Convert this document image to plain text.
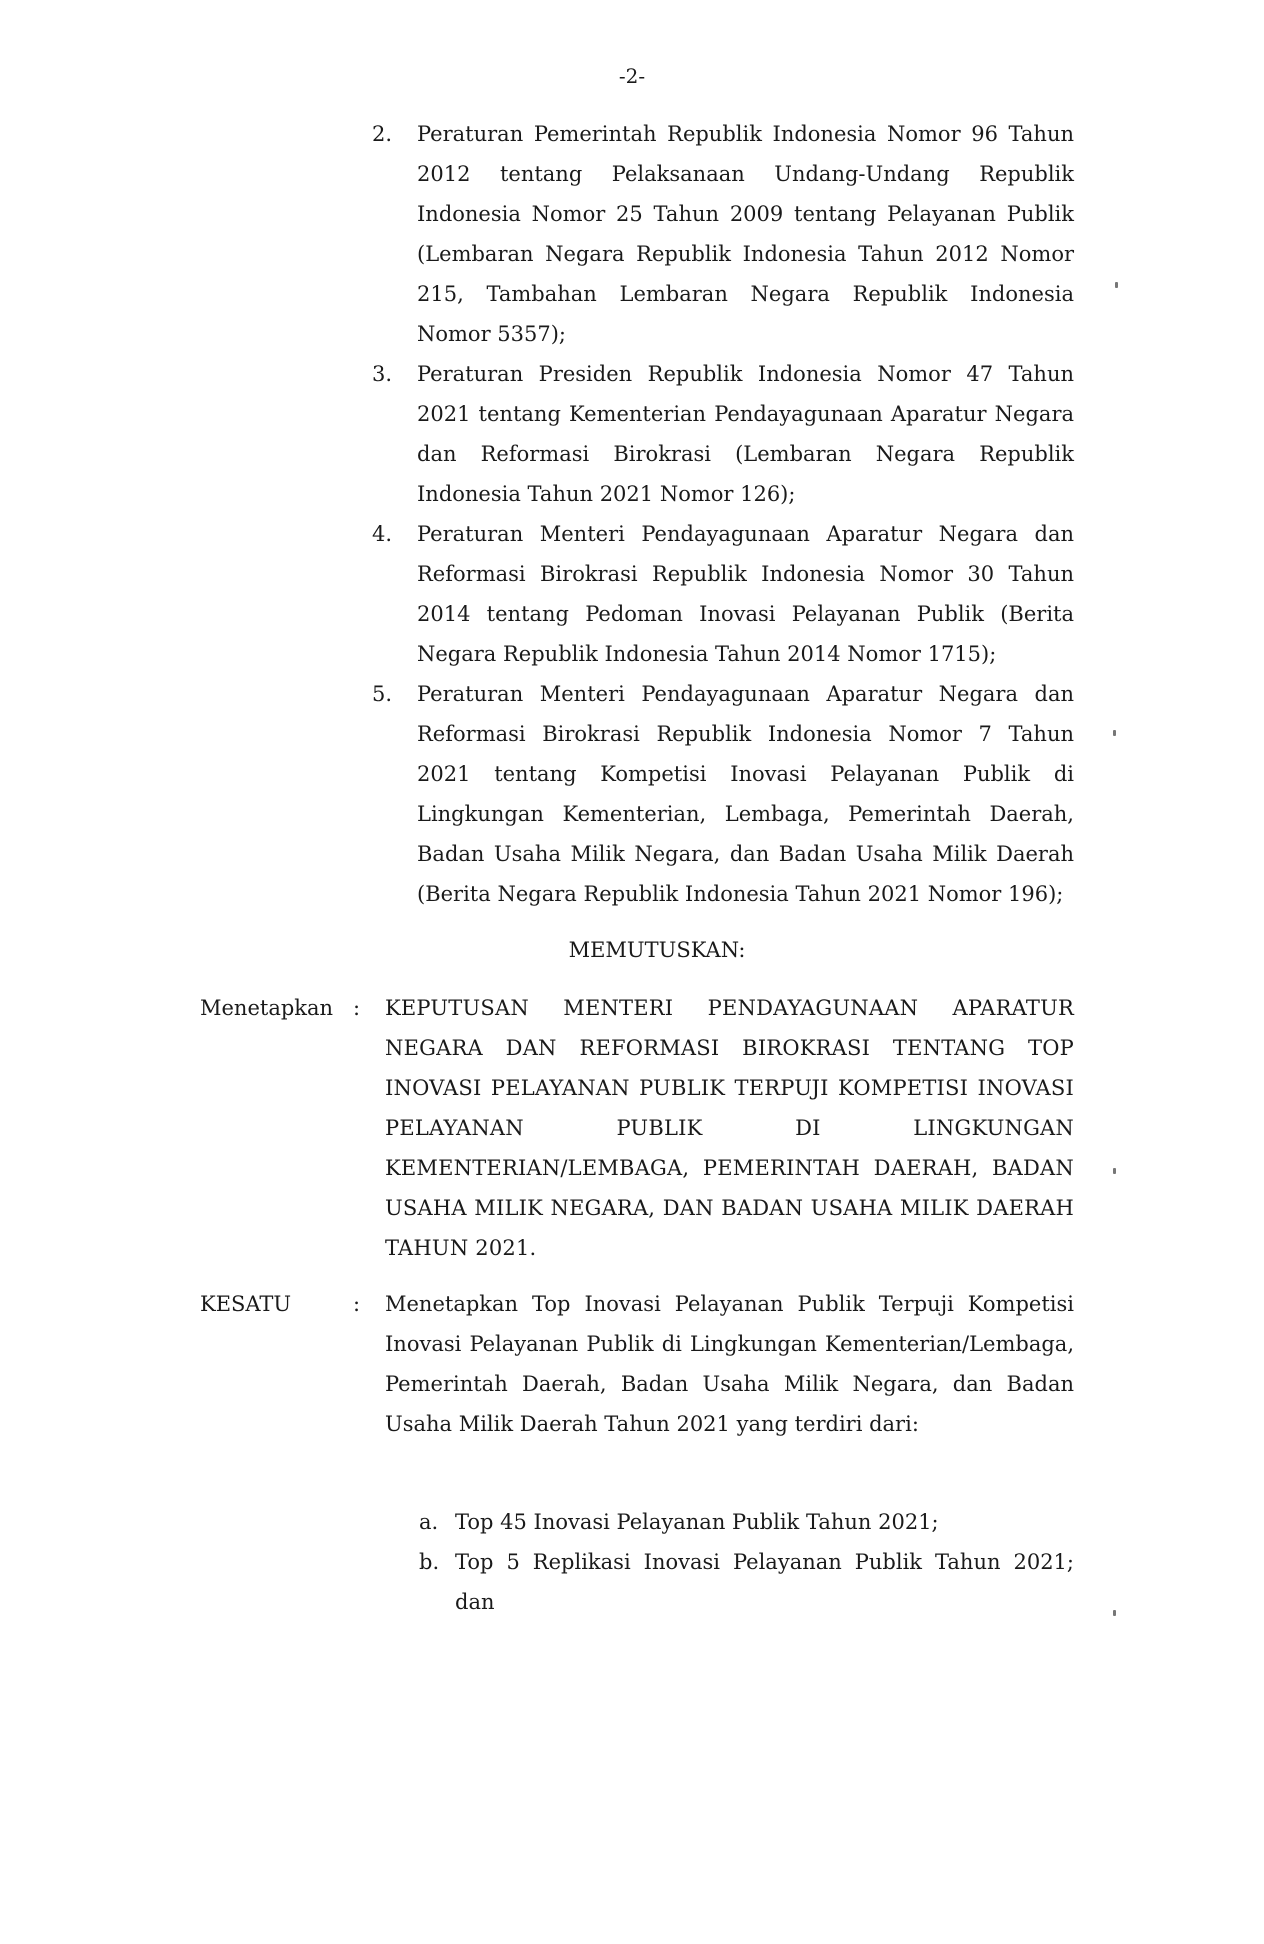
-2-
2. Peraturan Pemerintah Republik Indonesia Nomor 96 Tahun 2012 tentang Pelaksanaan Undang-Undang Republik Indonesia Nomor 25 Tahun 2009 tentang Pelayanan Publik (Lembaran Negara Republik Indonesia Tahun 2012 Nomor 215, Tambahan Lembaran Negara Republik Indonesia Nomor 5357);
3. Peraturan Presiden Republik Indonesia Nomor 47 Tahun 2021 tentang Kementerian Pendayagunaan Aparatur Negara dan Reformasi Birokrasi (Lembaran Negara Republik Indonesia Tahun 2021 Nomor 126);
4. Peraturan Menteri Pendayagunaan Aparatur Negara dan Reformasi Birokrasi Republik Indonesia Nomor 30 Tahun 2014 tentang Pedoman Inovasi Pelayanan Publik (Berita Negara Republik Indonesia Tahun 2014 Nomor 1715);
5. Peraturan Menteri Pendayagunaan Aparatur Negara dan Reformasi Birokrasi Republik Indonesia Nomor 7 Tahun 2021 tentang Kompetisi Inovasi Pelayanan Publik di Lingkungan Kementerian, Lembaga, Pemerintah Daerah, Badan Usaha Milik Negara, dan Badan Usaha Milik Daerah (Berita Negara Republik Indonesia Tahun 2021 Nomor 196);
MEMUTUSKAN:
Menetapkan : KEPUTUSAN MENTERI PENDAYAGUNAAN APARATUR NEGARA DAN REFORMASI BIROKRASI TENTANG TOP INOVASI PELAYANAN PUBLIK TERPUJI KOMPETISI INOVASI PELAYANAN PUBLIK DI LINGKUNGAN KEMENTERIAN/LEMBAGA, PEMERINTAH DAERAH, BADAN USAHA MILIK NEGARA, DAN BADAN USAHA MILIK DAERAH TAHUN 2021.
KESATU	: Menetapkan Top Inovasi Pelayanan Publik Terpuji Kompetisi Inovasi Pelayanan Publik di Lingkungan Kementerian/Lembaga, Pemerintah Daerah, Badan Usaha Milik Negara, dan Badan Usaha Milik Daerah Tahun 2021 yang terdiri dari:
a. Top 45 Inovasi Pelayanan Publik Tahun 2021;
b. Top 5 Replikasi Inovasi Pelayanan Publik Tahun 2021; dan
